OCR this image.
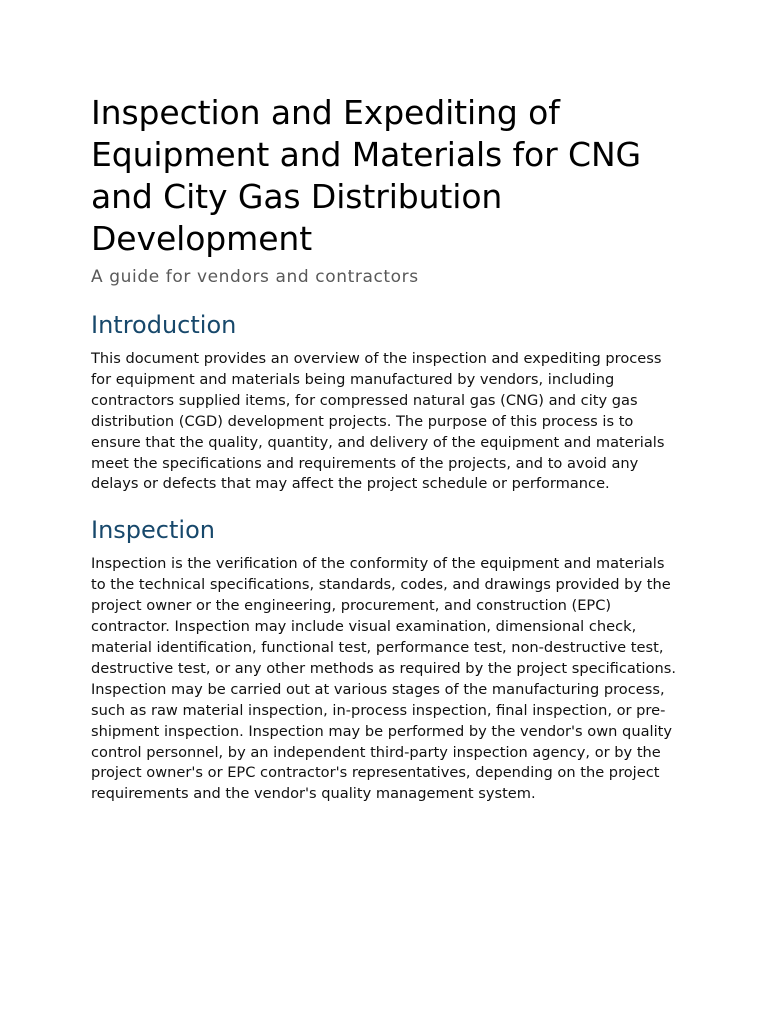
Inspection and Expediting of Equipment and Materials for CNG and City Gas Distribution Development

A guide for vendors and contractors

Introduction

This document provides an overview of the inspection and expediting process for equipment and materials being manufactured by vendors, including contractors supplied items, for compressed natural gas (CNG) and city gas distribution (CGD) development projects. The purpose of this process is to ensure that the quality, quantity, and delivery of the equipment and materials meet the specifications and requirements of the projects, and to avoid any delays or defects that may affect the project schedule or performance.

Inspection

Inspection is the verification of the conformity of the equipment and materials to the technical specifications, standards, codes, and drawings provided by the project owner or the engineering, procurement, and construction (EPC) contractor. Inspection may include visual examination, dimensional check, material identification, functional test, performance test, non-destructive test, destructive test, or any other methods as required by the project specifications. Inspection may be carried out at various stages of the manufacturing process, such as raw material inspection, in-process inspection, final inspection, or pre-shipment inspection. Inspection may be performed by the vendor's own quality control personnel, by an independent third-party inspection agency, or by the project owner's or EPC contractor's representatives, depending on the project requirements and the vendor's quality management system.
